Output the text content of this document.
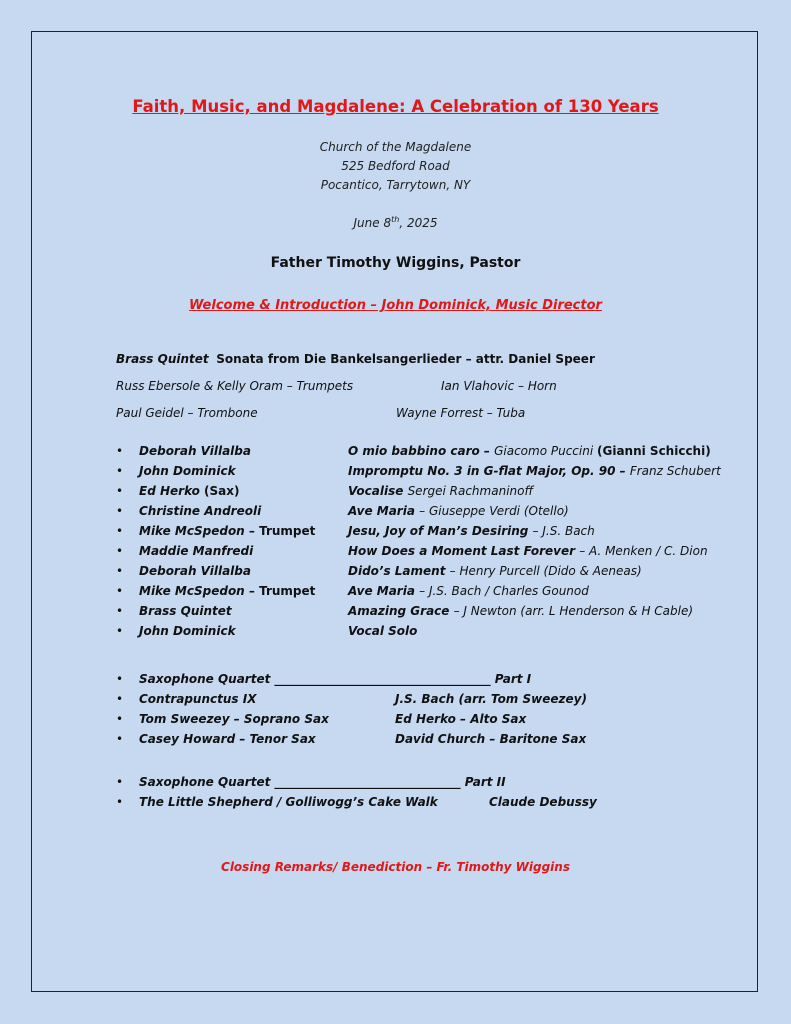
Faith, Music, and Magdalene: A Celebration of 130 Years
Church of the Magdalene
525 Bedford Road
Pocantico, Tarrytown, NY
June 8th, 2025
Father Timothy Wiggins, Pastor
Welcome & Introduction – John Dominick, Music Director
Brass Quintet Sonata from Die Bankelsangerlieder – attr. Daniel Speer
Russ Ebersole & Kelly Oram – Trumpets	Ian Vlahovic – Horn
Paul Geidel – Trombone	Wayne Forrest – Tuba
• Deborah Villalba	O mio babbino caro – Giacomo Puccini (Gianni Schicchi)
• John Dominick	Impromptu No. 3 in G-flat Major, Op. 90 – Franz Schubert
• Ed Herko (Sax)	Vocalise Sergei Rachmaninoff
• Christine Andreoli	Ave Maria – Giuseppe Verdi (Otello)
• Mike McSpedon – Trumpet	Jesu, Joy of Man’s Desiring – J.S. Bach
• Maddie Manfredi	How Does a Moment Last Forever – A. Menken / C. Dion
• Deborah Villalba	Dido’s Lament – Henry Purcell (Dido & Aeneas)
• Mike McSpedon – Trumpet	Ave Maria – J.S. Bach / Charles Gounod
• Brass Quintet	Amazing Grace – J Newton (arr. L Henderson & H Cable)
• John Dominick	Vocal Solo
• Saxophone Quartet ____________________________________ Part I
• Contrapunctus IX	J.S. Bach (arr. Tom Sweezey)
• Tom Sweezey – Soprano Sax	Ed Herko – Alto Sax
• Casey Howard – Tenor Sax	David Church – Baritone Sax
• Saxophone Quartet _______________________________ Part II
• The Little Shepherd / Golliwogg’s Cake Walk	Claude Debussy
Closing Remarks/ Benediction – Fr. Timothy Wiggins
